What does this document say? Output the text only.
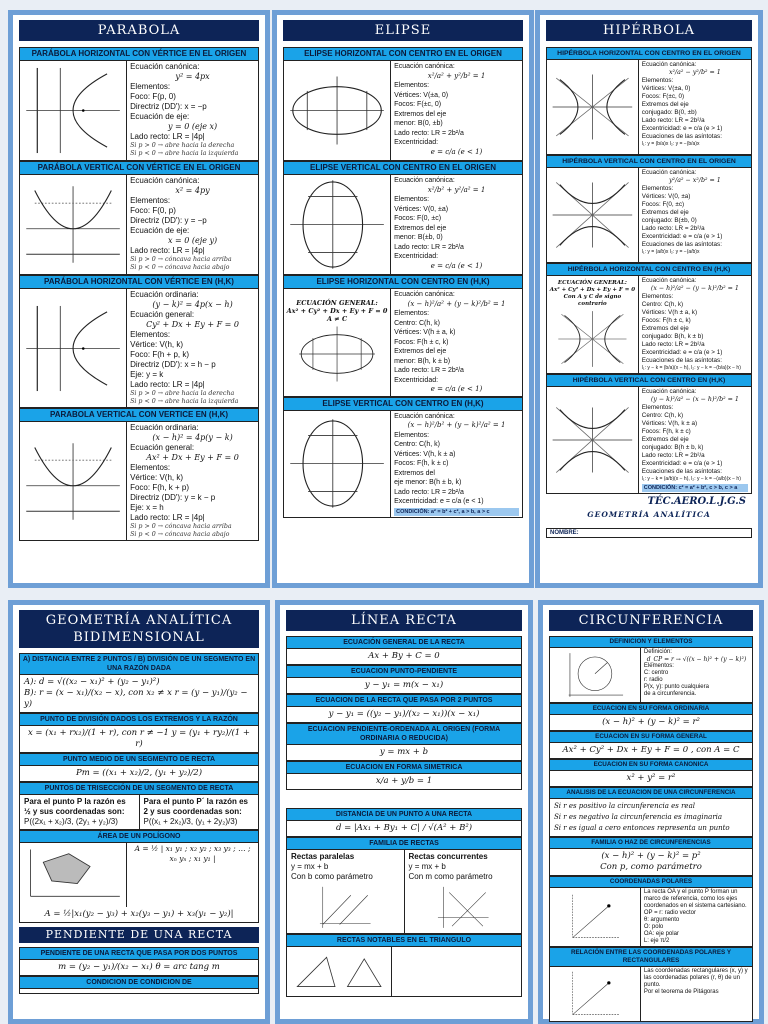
PARABOLA
PARÁBOLA HORIZONTAL CON VÉRTICE EN EL ORIGEN
Ecuación canónica:
y² = 4px
Elementos:
Foco: F(p, 0)
Directriz (DD'): x = −p
Ecuación de eje:
y = 0 (eje x)
Lado recto: LR = |4p|
Si p > 0 → abre hacia la derecha
Si p < 0 → abre hacia la izquierda
PARÁBOLA VERTICAL CON VÉRTICE EN EL ORIGEN
Ecuación canónica:
x² = 4py
Elementos:
Foco: F(0, p)
Directriz (DD'): y = −p
Ecuación de eje:
x = 0 (eje y)
Lado recto: LR = |4p|
Si p > 0 → cóncava hacia arriba
Si p < 0 → cóncava hacia abajo
PARÁBOLA HORIZONTAL CON VÉRTICE EN (H,K)
Ecuación ordinaria:
(y − k)² = 4p(x − h)
Ecuación general:
Cy² + Dx + Ey + F = 0
Elementos:
Vértice: V(h, k)
Foco: F(h + p, k)
Directriz (DD'): x = h − p
Eje: y = k
Lado recto: LR = |4p|
Si p > 0 → abre hacia la derecha
Si p < 0 → abre hacia la izquierda
PARABOLA VERTICAL CON VERTICE EN (H,K)
Ecuación ordinaria:
(x − h)² = 4p(y − k)
Ecuación general:
Ax² + Dx + Ey + F = 0
Elementos:
Vértice: V(h, k)
Foco: F(h, k + p)
Directriz (DD'): y = k − p
Eje: x = h
Lado recto: LR = |4p|
Si p > 0 → cóncava hacia arriba
Si p < 0 → cóncava hacia abajo
ELIPSE
ELIPSE HORIZONTAL CON CENTRO EN EL ORIGEN
Ecuación canónica:
x²/a² + y²/b² = 1
Elementos:
Vértices: V(±a, 0)
Focos: F(±c, 0)
Extremos del eje
menor: B(0, ±b)
Lado recto: LR = 2b²/a
Excentricidad:
e = c/a (e < 1)
ELIPSE VERTICAL CON CENTRO EN EL ORIGEN
Ecuación canónica:
x²/b² + y²/a² = 1
Elementos:
Vértices: V(0, ±a)
Focos: F(0, ±c)
Extremos del eje
menor: B(±b, 0)
Lado recto: LR = 2b²/a
Excentricidad:
e = c/a (e < 1)
ELIPSE HORIZONTAL CON CENTRO EN (H,K)
ECUACIÓN GENERAL:
Ax² + Cy² + Dx + Ey + F = 0
A ≠ C
Ecuación canónica:
(x − h)²/a² + (y − k)²/b² = 1
Elementos:
Centro: C(h, k)
Vértices: V(h ± a, k)
Focos: F(h ± c, k)
Extremos del eje
menor: B(h, k ± b)
Lado recto: LR = 2b²/a
Excentricidad:
e = c/a (e < 1)
ELIPSE VERTICAL CON CENTRO EN (H,K)
Ecuación canónica:
(x − h)²/b² + (y − k)²/a² = 1
Elementos:
Centro: C(h, k)
Vértices: V(h, k ± a)
Focos: F(h, k ± c)
Extremos del
eje menor: B(h ± b, k)
Lado recto: LR = 2b²/a
Excentricidad: e = c/a (e < 1)
CONDICIÓN: a² = b² + c², a > b, a > c
HIPÉRBOLA
HIPÉRBOLA HORIZONTAL CON CENTRO EN EL ORIGEN
Ecuación canónica:
x²/a² − y²/b² = 1
Elementos:
Vértices: V(±a, 0)
Focos: F(±c, 0)
Extremos del eje
conjugado: B(0, ±b)
Lado recto: LR = 2b²/a
Excentricidad: e = c/a (e > 1)
Ecuaciones de las asíntotas:
l₁: y = (b/a)x l₂: y = −(b/a)x
HIPÉRBOLA VERTICAL CON CENTRO EN EL ORIGEN
Ecuación canónica:
y²/a² − x²/b² = 1
Elementos:
Vértices: V(0, ±a)
Focos: F(0, ±c)
Extremos del eje
conjugado: B(±b, 0)
Lado recto: LR = 2b²/a
Excentricidad: e = c/a (e > 1)
Ecuaciones de las asíntotas:
l₁: y = (a/b)x l₂: y = −(a/b)x
HIPÉRBOLA HORIZONTAL CON CENTRO EN (H,K)
ECUACIÓN GENERAL:
Ax² + Cy² + Dx + Ey + F = 0
Con A y C de signo contrario
Ecuación canónica:
(x − h)²/a² − (y − k)²/b² = 1
Elementos:
Centro: C(h, k)
Vértices: V(h ± a, k)
Focos: F(h ± c, k)
Extremos del eje
conjugado: B(h, k ± b)
Lado recto: LR = 2b²/a
Excentricidad: e = c/a (e > 1)
Ecuaciones de las asíntotas:
l₁: y − k = (b/a)(x − h), l₂: y − k = −(b/a)(x − h)
HIPÉRBOLA VERTICAL CON CENTRO EN (H,K)
Ecuación canónica:
(y − k)²/a² − (x − h)²/b² = 1
Elementos:
Centro: C(h, k)
Vértices: V(h, k ± a)
Focos: F(h, k ± c)
Extremos del eje
conjugado: B(h ± b, k)
Lado recto: LR = 2b²/a
Excentricidad: e = c/a (e > 1)
Ecuaciones de las asíntotas:
l₁: y − k = (a/b)(x − h), l₂: y − k = −(a/b)(x − h)
CONDICIÓN: c² = a² + b², c > b, c > a
TÉC.AERO.L.J.G.S
GEOMETRÍA ANALÍTICA
NOMBRE:
GEOMETRÍA ANALÍTICA BIDIMENSIONAL
A) DISTANCIA ENTRE 2 PUNTOS / B) DIVISIÓN DE UN SEGMENTO EN UNA RAZÓN DADA
A): d = √((x₂ − x₁)² + (y₂ − y₁)²)
B): r = (x − x₁)/(x₂ − x), con x₂ ≠ x r = (y − y₁)/(y₂ − y)
PUNTO DE DIVISIÓN DADOS LOS EXTREMOS Y LA RAZÓN
x = (x₁ + rx₂)/(1 + r), con r ≠ −1 y = (y₁ + ry₂)/(1 + r)
PUNTO MEDIO DE UN SEGMENTO DE RECTA
Pm = ((x₁ + x₂)/2, (y₁ + y₂)/2)
PUNTOS DE TRISECCIÓN DE UN SEGMENTO DE RECTA
Para el punto P la razón es ½ y sus coordenadas son:
P((2x₁ + x₂)/3, (2y₁ + y₂)/3)
Para el punto P´ la razón es 2 y sus coordenadas son:
P((x₁ + 2x₂)/3, (y₁ + 2y₂)/3)
ÁREA DE UN POLÍGONO
A = ½ | x₁ y₁ ; x₂ y₂ ; x₃ y₃ ; … ; xₙ yₙ ; x₁ y₁ |
A = ½|x₁(y₂ − y₃) + x₂(y₃ − y₁) + x₃(y₁ − y₂)|
PENDIENTE DE UNA RECTA
PENDIENTE DE UNA RECTA QUE PASA POR DOS PUNTOS
m = (y₂ − y₁)/(x₂ − x₁) θ = arc tang m
CONDICION DE CONDICION DE
LÍNEA RECTA
ECUACIÓN GENERAL DE LA RECTA
Ax + By + C = 0
ECUACION PUNTO-PENDIENTE
y − y₁ = m(x − x₁)
ECUACION DE LA RECTA QUE PASA POR 2 PUNTOS
y − y₁ = ((y₂ − y₁)/(x₂ − x₁))(x − x₁)
ECUACION PENDIENTE-ORDENADA AL ORIGEN (FORMA ORDINARIA O REDUCIDA)
y = mx + b
ECUACION EN FORMA SIMETRICA
x/a + y/b = 1
DISTANCIA DE UN PUNTO A UNA RECTA
d = |Ax₁ + By₁ + C| / √(A² + B²)
FAMILIA DE RECTAS
Rectas paralelas
y = mx + b
Con b como parámetro
Rectas concurrentes
y = mx + b
Con m como parámetro
RECTAS NOTABLES EN EL TRIANGULO
CIRCUNFERENCIA
DEFINICION Y ELEMENTOS
Definición:
d_CP = r → √((x − h)² + (y − k)²)
Elementos:
C: centro
r: radio
P(x, y): punto cualquiera
de a circunferencia.
ECUACION EN SU FORMA ORDINARIA
(x − h)² + (y − k)² = r²
ECUACION EN SU FORMA GENERAL
Ax² + Cy² + Dx + Ey + F = 0 , con A = C
ECUACION EN SU FORMA CANONICA
x² + y² = r²
ANALISIS DE LA ECUACION DE UNA CIRCUNFERENCIA
Si r es positivo la circunferencia es real
Si r es negativo la circunferencia es imaginaria
Si r es igual a cero entonces representa un punto
FAMILIA O HAZ DE CIRCUNFERENCIAS
(x − h)² + (y − k)² = p²
Con p, como parámetro
COORDENADAS POLARES
La recta OA y el punto P forman un marco de referencia, como los ejes coordenados en el sistema cartesiano.
OP = r: radio vector
θ: argumento
O: polo
OA: eje polar
L: eje π/2
RELACIÓN ENTRE LAS COORDENADAS POLARES Y RECTANGULARES
Las coordenadas rectangulares (x, y) y las coordenadas polares (r, θ) de un punto.
Por el teorema de Pitágoras
